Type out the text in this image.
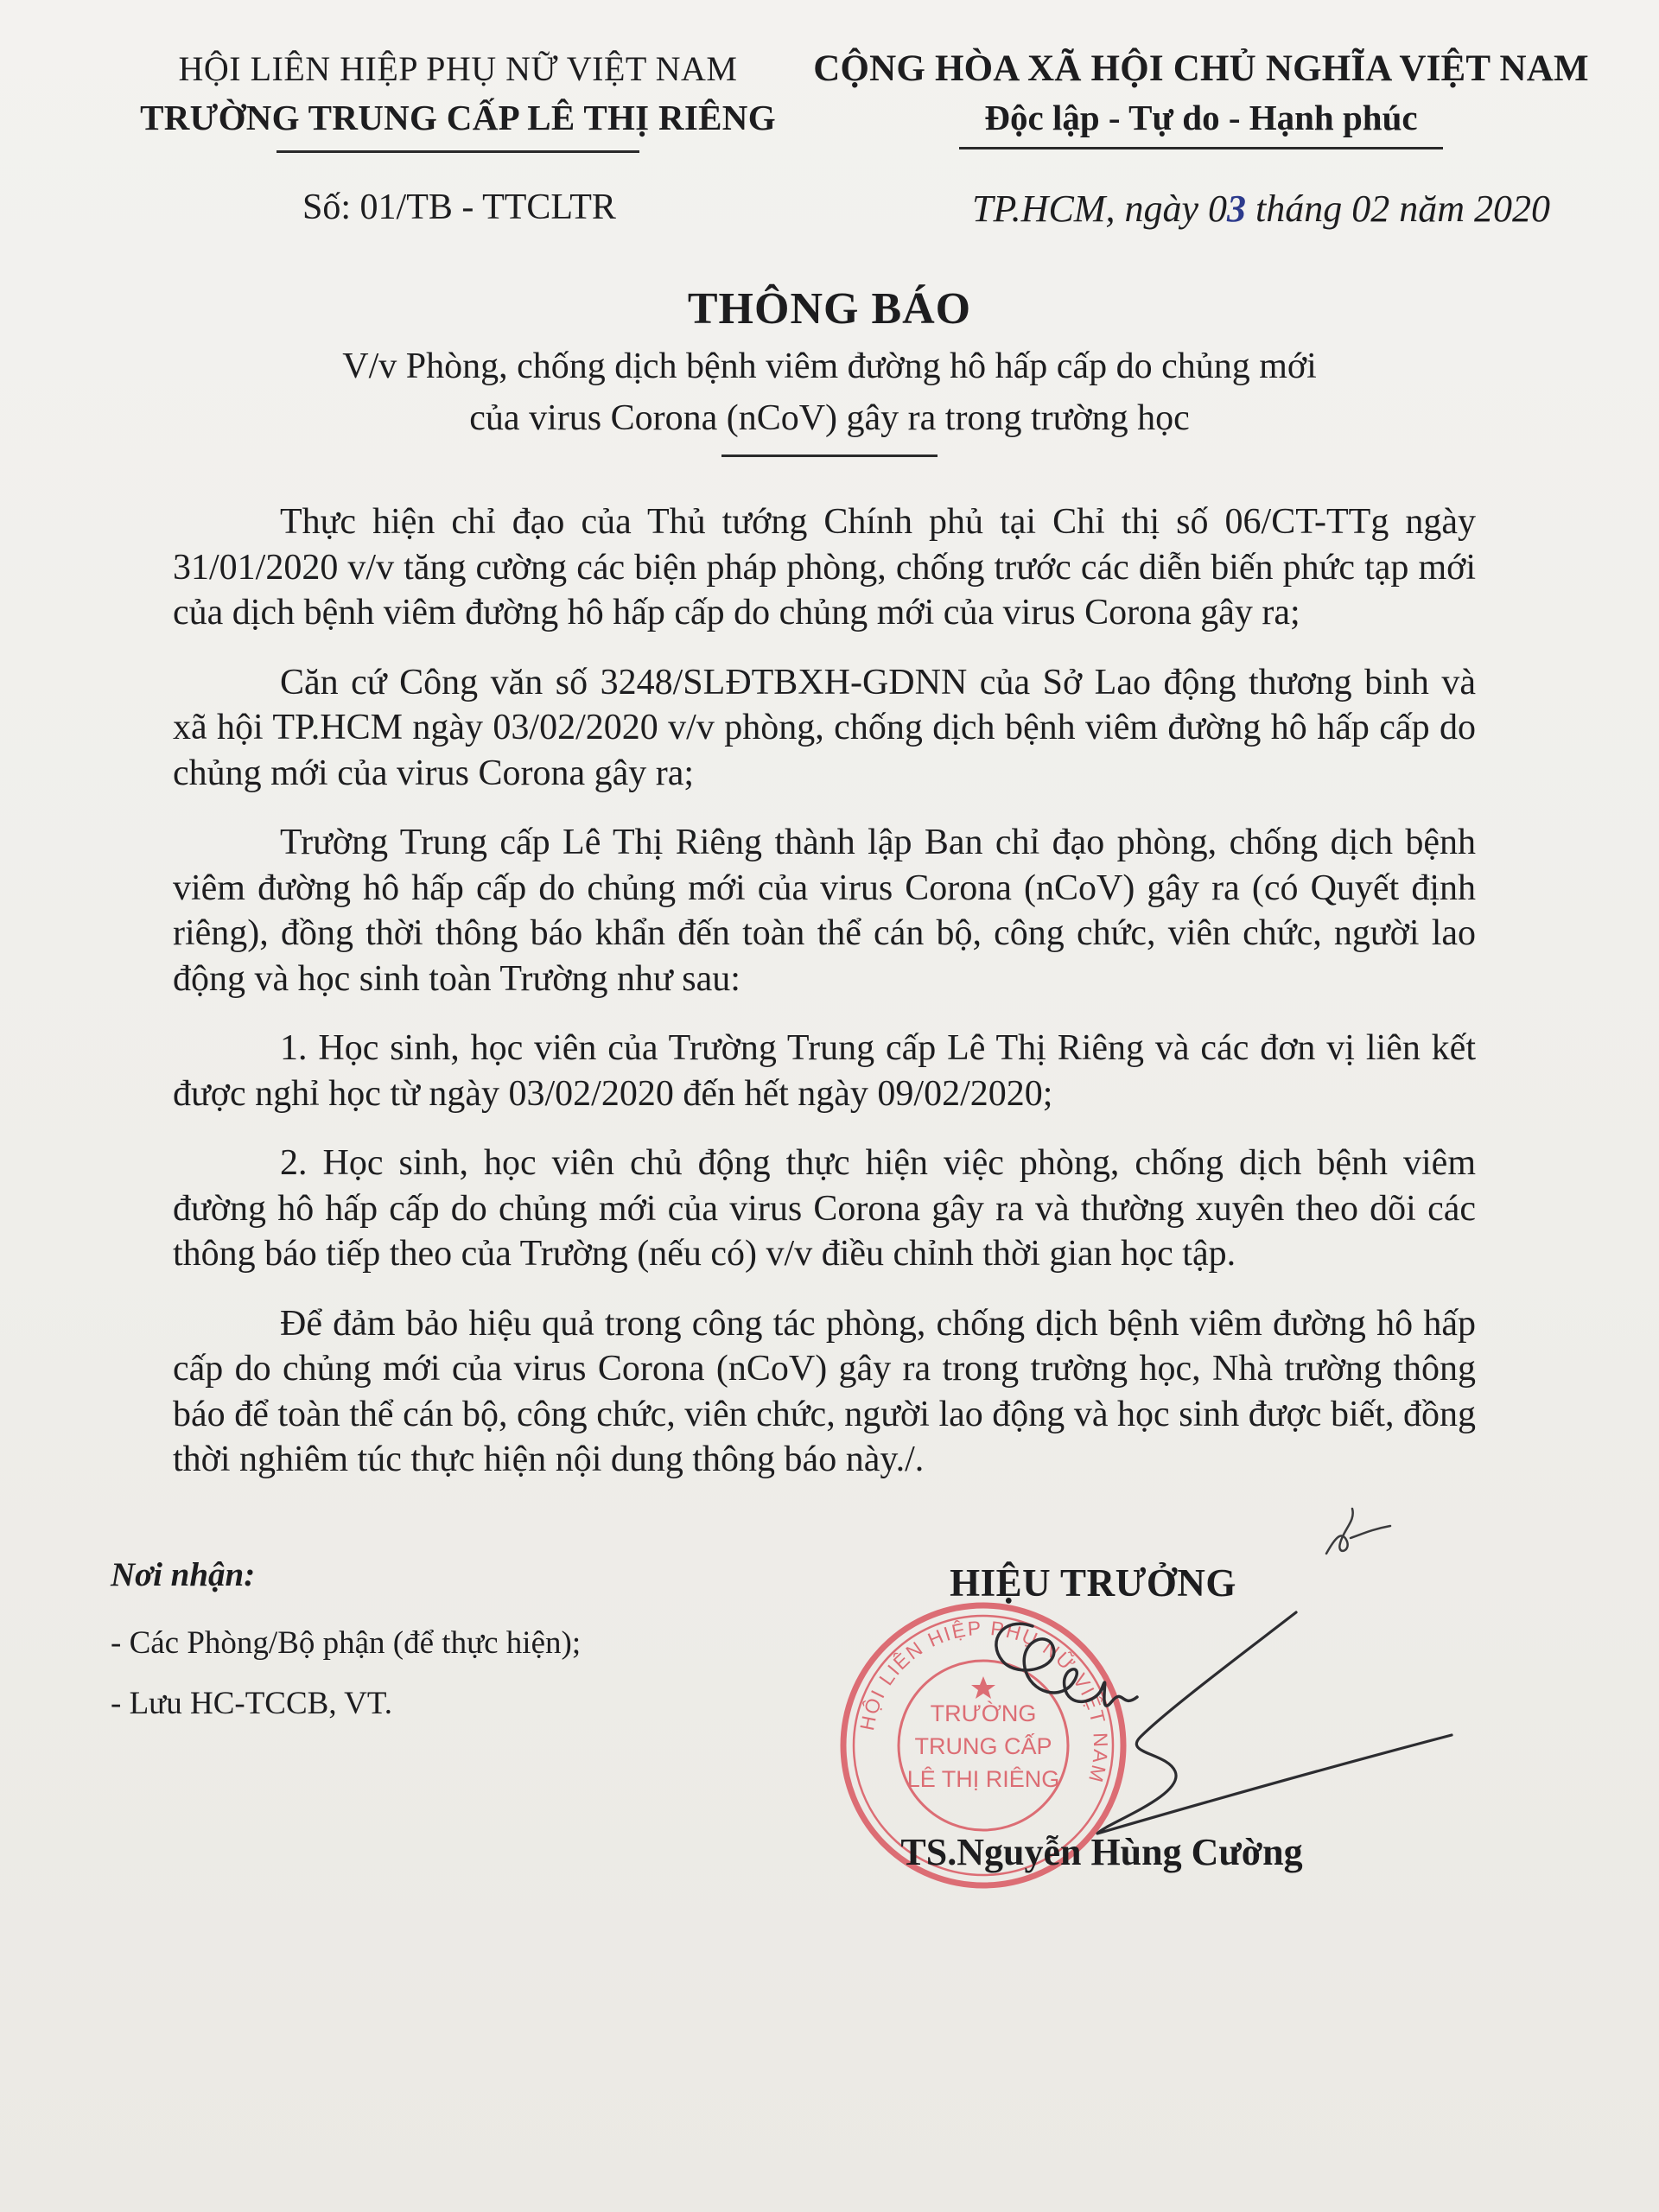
HỘI LIÊN HIỆP PHỤ NỮ VIỆT NAM
TRƯỜNG TRUNG CẤP LÊ THỊ RIÊNG
CỘNG HÒA XÃ HỘI CHỦ NGHĨA VIỆT NAM
Độc lập - Tự do - Hạnh phúc
Số: 01/TB - TTCLTR	TP.HCM, ngày 03 tháng 02 năm 2020
THÔNG BÁO
V/v Phòng, chống dịch bệnh viêm đường hô hấp cấp do chủng mới
của virus Corona (nCoV) gây ra trong trường học

Thực hiện chỉ đạo của Thủ tướng Chính phủ tại Chỉ thị số 06/CT-TTg ngày 31/01/2020 v/v tăng cường các biện pháp phòng, chống trước các diễn biến phức tạp mới của dịch bệnh viêm đường hô hấp cấp do chủng mới của virus Corona gây ra;

Căn cứ Công văn số 3248/SLĐTBXH-GDNN của Sở Lao động thương binh và xã hội TP.HCM ngày 03/02/2020 v/v phòng, chống dịch bệnh viêm đường hô hấp cấp do chủng mới của virus Corona gây ra;

Trường Trung cấp Lê Thị Riêng thành lập Ban chỉ đạo phòng, chống dịch bệnh viêm đường hô hấp cấp do chủng mới của virus Corona (nCoV) gây ra (có Quyết định riêng), đồng thời thông báo khẩn đến toàn thể cán bộ, công chức, viên chức, người lao động và học sinh toàn Trường như sau:

1. Học sinh, học viên của Trường Trung cấp Lê Thị Riêng và các đơn vị liên kết được nghỉ học từ ngày 03/02/2020 đến hết ngày 09/02/2020;

2. Học sinh, học viên chủ động thực hiện việc phòng, chống dịch bệnh viêm đường hô hấp cấp do chủng mới của virus Corona gây ra và thường xuyên theo dõi các thông báo tiếp theo của Trường (nếu có) v/v điều chỉnh thời gian học tập.

Để đảm bảo hiệu quả trong công tác phòng, chống dịch bệnh viêm đường hô hấp cấp do chủng mới của virus Corona (nCoV) gây ra trong trường học, Nhà trường thông báo để toàn thể cán bộ, công chức, viên chức, người lao động và học sinh được biết, đồng thời nghiêm túc thực hiện nội dung thông báo này./.

Nơi nhận:
- Các Phòng/Bộ phận (để thực hiện);
- Lưu HC-TCCB, VT.
HIỆU TRƯỞNG
HỘI LIÊN HIỆP PHỤ NỮ VIỆT NAM
TRƯỜNG
TRUNG CẤP
LÊ THỊ RIÊNG
TS.Nguyễn Hùng Cường
